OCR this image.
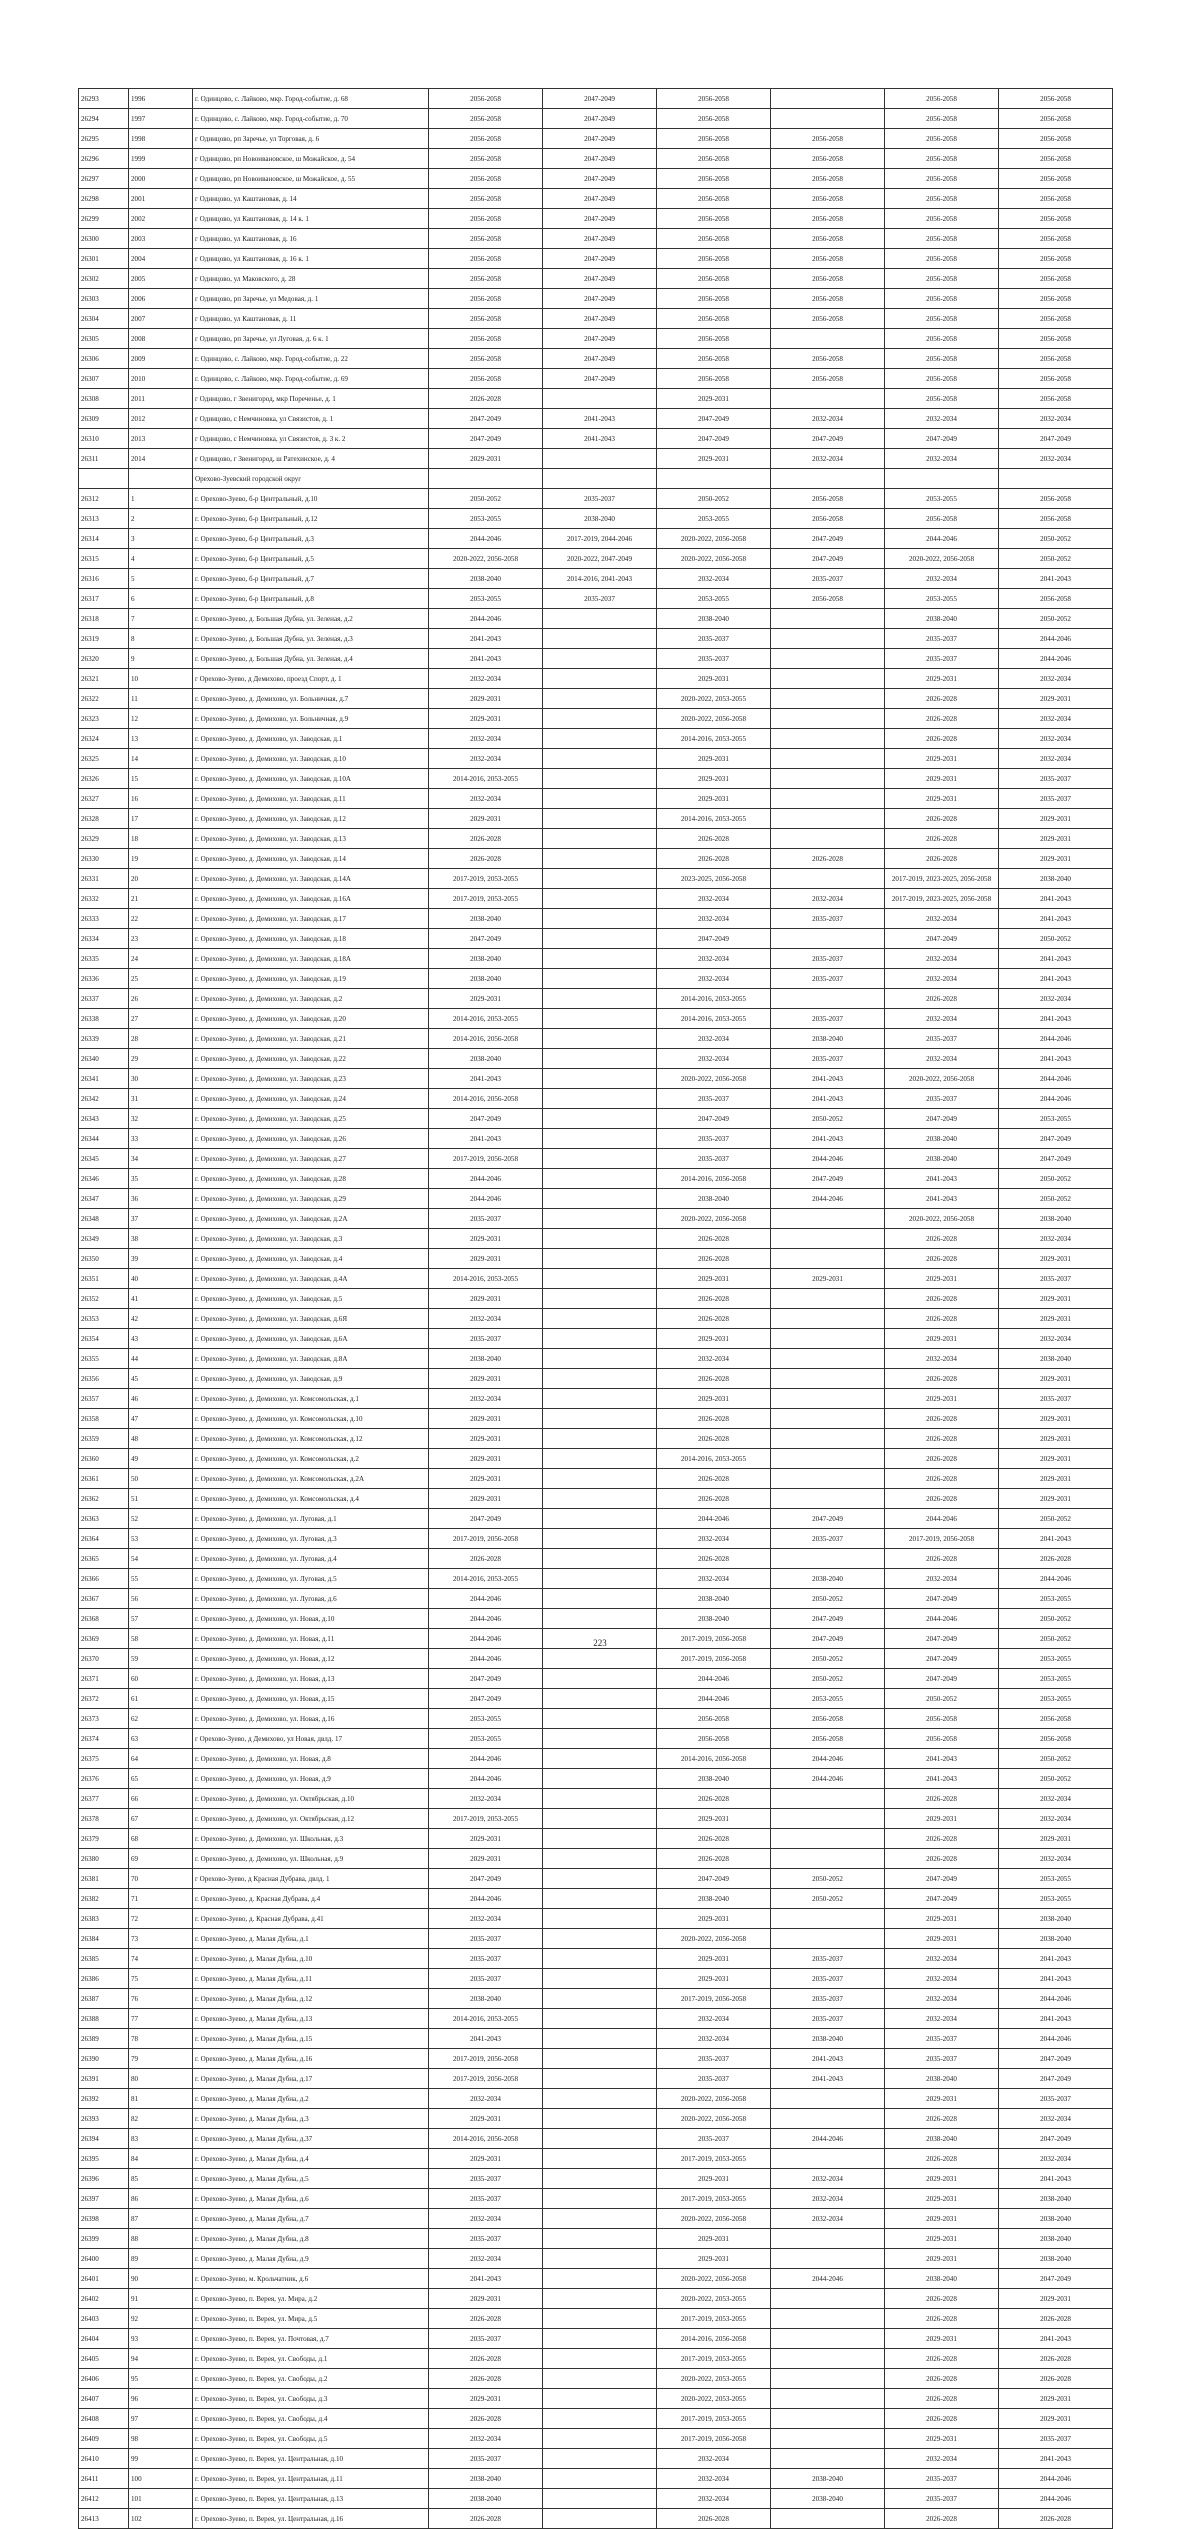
26293	1996	г. Одинцово, с. Лайково, мкр. Город-событие, д. 68	2056-2058	2047-2049	2056-2058		2056-2058	2056-2058
26294	1997	г. Одинцово, с. Лайково, мкр. Город-событие, д. 70	2056-2058	2047-2049	2056-2058		2056-2058	2056-2058
26295	1998	г Одинцово, рп Заречье, ул Торговая, д. 6	2056-2058	2047-2049	2056-2058	2056-2058	2056-2058	2056-2058
26296	1999	г Одинцово, рп Новоивановское, ш Можайское, д. 54	2056-2058	2047-2049	2056-2058	2056-2058	2056-2058	2056-2058
26297	2000	г Одинцово, рп Новоивановское, ш Можайское, д. 55	2056-2058	2047-2049	2056-2058	2056-2058	2056-2058	2056-2058
26298	2001	г Одинцово, ул Каштановая, д. 14	2056-2058	2047-2049	2056-2058	2056-2058	2056-2058	2056-2058
26299	2002	г Одинцово, ул Каштановая, д. 14 к. 1	2056-2058	2047-2049	2056-2058	2056-2058	2056-2058	2056-2058
26300	2003	г Одинцово, ул Каштановая, д. 16	2056-2058	2047-2049	2056-2058	2056-2058	2056-2058	2056-2058
26301	2004	г Одинцово, ул Каштановая, д. 16 к. 1	2056-2058	2047-2049	2056-2058	2056-2058	2056-2058	2056-2058
26302	2005	г Одинцово, ул Маковского, д. 28	2056-2058	2047-2049	2056-2058	2056-2058	2056-2058	2056-2058
26303	2006	г Одинцово, рп Заречье, ул Медовая, д. 1	2056-2058	2047-2049	2056-2058	2056-2058	2056-2058	2056-2058
26304	2007	г Одинцово, ул Каштановая, д. 11	2056-2058	2047-2049	2056-2058	2056-2058	2056-2058	2056-2058
26305	2008	г Одинцово, рп Заречье, ул Луговая, д. 6 к. 1	2056-2058	2047-2049	2056-2058		2056-2058	2056-2058
26306	2009	г. Одинцово, с. Лайково, мкр. Город-событие, д. 22	2056-2058	2047-2049	2056-2058	2056-2058	2056-2058	2056-2058
26307	2010	г. Одинцово, с. Лайково, мкр. Город-событие, д. 69	2056-2058	2047-2049	2056-2058	2056-2058	2056-2058	2056-2058
26308	2011	г Одинцово, г Звенигород, мкр Пореченье, д. 1	2026-2028		2029-2031		2056-2058	2056-2058
26309	2012	г Одинцово, с Немчиновка, ул Связистов, д. 1	2047-2049	2041-2043	2047-2049	2032-2034	2032-2034	2032-2034
26310	2013	г Одинцово, с Немчиновка, ул Связистов, д. 3 к. 2	2047-2049	2041-2043	2047-2049	2047-2049	2047-2049	2047-2049
26311	2014	г Одинцово, г Звенигород, ш Ратехинское, д. 4	2029-2031		2029-2031	2032-2034	2032-2034	2032-2034
		Орехово-Зуевский городской округ						
26312	1	г. Орехово-Зуево, б-р Центральный, д.10	2050-2052	2035-2037	2050-2052	2056-2058	2053-2055	2056-2058
26313	2	г. Орехово-Зуево, б-р Центральный, д.12	2053-2055	2038-2040	2053-2055	2056-2058	2056-2058	2056-2058
26314	3	г. Орехово-Зуево, б-р Центральный, д.3	2044-2046	2017-2019, 2044-2046	2020-2022, 2056-2058	2047-2049	2044-2046	2050-2052
26315	4	г. Орехово-Зуево, б-р Центральный, д.5	2020-2022, 2056-2058	2020-2022, 2047-2049	2020-2022, 2056-2058	2047-2049	2020-2022, 2056-2058	2050-2052
26316	5	г. Орехово-Зуево, б-р Центральный, д.7	2038-2040	2014-2016, 2041-2043	2032-2034	2035-2037	2032-2034	2041-2043
26317	6	г. Орехово-Зуево, б-р Центральный, д.8	2053-2055	2035-2037	2053-2055	2056-2058	2053-2055	2056-2058
26318	7	г. Орехово-Зуево, д. Большая Дубна, ул. Зеленая, д.2	2044-2046		2038-2040		2038-2040	2050-2052
26319	8	г. Орехово-Зуево, д. Большая Дубна, ул. Зеленая, д.3	2041-2043		2035-2037		2035-2037	2044-2046
26320	9	г. Орехово-Зуево, д. Большая Дубна, ул. Зеленая, д.4	2041-2043		2035-2037		2035-2037	2044-2046
26321	10	г Орехово-Зуево, д Демихово, проезд Спорт, д. 1	2032-2034		2029-2031		2029-2031	2032-2034
26322	11	г. Орехово-Зуево, д. Демихово, ул. Больничная, д.7	2029-2031		2020-2022, 2053-2055		2026-2028	2029-2031
26323	12	г. Орехово-Зуево, д. Демихово, ул. Больничная, д.9	2029-2031		2020-2022, 2056-2058		2026-2028	2032-2034
26324	13	г. Орехово-Зуево, д. Демихово, ул. Заводская, д.1	2032-2034		2014-2016, 2053-2055		2026-2028	2032-2034
26325	14	г. Орехово-Зуево, д. Демихово, ул. Заводская, д.10	2032-2034		2029-2031		2029-2031	2032-2034
26326	15	г. Орехово-Зуево, д. Демихово, ул. Заводская, д.10А	2014-2016, 2053-2055		2029-2031		2029-2031	2035-2037
26327	16	г. Орехово-Зуево, д. Демихово, ул. Заводская, д.11	2032-2034		2029-2031		2029-2031	2035-2037
26328	17	г. Орехово-Зуево, д. Демихово, ул. Заводская, д.12	2029-2031		2014-2016, 2053-2055		2026-2028	2029-2031
26329	18	г. Орехово-Зуево, д. Демихово, ул. Заводская, д.13	2026-2028		2026-2028		2026-2028	2029-2031
26330	19	г. Орехово-Зуево, д. Демихово, ул. Заводская, д.14	2026-2028		2026-2028	2026-2028	2026-2028	2029-2031
26331	20	г. Орехово-Зуево, д. Демихово, ул. Заводская, д.14А	2017-2019, 2053-2055		2023-2025, 2056-2058		2017-2019, 2023-2025, 2056-2058	2038-2040
26332	21	г. Орехово-Зуево, д. Демихово, ул. Заводская, д.16А	2017-2019, 2053-2055		2032-2034	2032-2034	2017-2019, 2023-2025, 2056-2058	2041-2043
26333	22	г. Орехово-Зуево, д. Демихово, ул. Заводская, д.17	2038-2040		2032-2034	2035-2037	2032-2034	2041-2043
26334	23	г. Орехово-Зуево, д. Демихово, ул. Заводская, д.18	2047-2049		2047-2049		2047-2049	2050-2052
26335	24	г. Орехово-Зуево, д. Демихово, ул. Заводская, д.18А	2038-2040		2032-2034	2035-2037	2032-2034	2041-2043
26336	25	г. Орехово-Зуево, д. Демихово, ул. Заводская, д.19	2038-2040		2032-2034	2035-2037	2032-2034	2041-2043
26337	26	г. Орехово-Зуево, д. Демихово, ул. Заводская, д.2	2029-2031		2014-2016, 2053-2055		2026-2028	2032-2034
26338	27	г. Орехово-Зуево, д. Демихово, ул. Заводская, д.20	2014-2016, 2053-2055		2014-2016, 2053-2055	2035-2037	2032-2034	2041-2043
26339	28	г. Орехово-Зуево, д. Демихово, ул. Заводская, д.21	2014-2016, 2056-2058		2032-2034	2038-2040	2035-2037	2044-2046
26340	29	г. Орехово-Зуево, д. Демихово, ул. Заводская, д.22	2038-2040		2032-2034	2035-2037	2032-2034	2041-2043
26341	30	г. Орехово-Зуево, д. Демихово, ул. Заводская, д.23	2041-2043		2020-2022, 2056-2058	2041-2043	2020-2022, 2056-2058	2044-2046
26342	31	г. Орехово-Зуево, д. Демихово, ул. Заводская, д.24	2014-2016, 2056-2058		2035-2037	2041-2043	2035-2037	2044-2046
26343	32	г. Орехово-Зуево, д. Демихово, ул. Заводская, д.25	2047-2049		2047-2049	2050-2052	2047-2049	2053-2055
26344	33	г. Орехово-Зуево, д. Демихово, ул. Заводская, д.26	2041-2043		2035-2037	2041-2043	2038-2040	2047-2049
26345	34	г. Орехово-Зуево, д. Демихово, ул. Заводская, д.27	2017-2019, 2056-2058		2035-2037	2044-2046	2038-2040	2047-2049
26346	35	г. Орехово-Зуево, д. Демихово, ул. Заводская, д.28	2044-2046		2014-2016, 2056-2058	2047-2049	2041-2043	2050-2052
26347	36	г. Орехово-Зуево, д. Демихово, ул. Заводская, д.29	2044-2046		2038-2040	2044-2046	2041-2043	2050-2052
26348	37	г. Орехово-Зуево, д. Демихово, ул. Заводская, д.2А	2035-2037		2020-2022, 2056-2058		2020-2022, 2056-2058	2038-2040
26349	38	г. Орехово-Зуево, д. Демихово, ул. Заводская, д.3	2029-2031		2026-2028		2026-2028	2032-2034
26350	39	г. Орехово-Зуево, д. Демихово, ул. Заводская, д.4	2029-2031		2026-2028		2026-2028	2029-2031
26351	40	г. Орехово-Зуево, д. Демихово, ул. Заводская, д.4А	2014-2016, 2053-2055		2029-2031	2029-2031	2029-2031	2035-2037
26352	41	г. Орехово-Зуево, д. Демихово, ул. Заводская, д.5	2029-2031		2026-2028		2026-2028	2029-2031
26353	42	г. Орехово-Зуево, д. Демихово, ул. Заводская, д.6Я	2032-2034		2026-2028		2026-2028	2029-2031
26354	43	г. Орехово-Зуево, д. Демихово, ул. Заводская, д.6А	2035-2037		2029-2031		2029-2031	2032-2034
26355	44	г. Орехово-Зуево, д. Демихово, ул. Заводская, д.8А	2038-2040		2032-2034		2032-2034	2038-2040
26356	45	г. Орехово-Зуево, д. Демихово, ул. Заводская, д.9	2029-2031		2026-2028		2026-2028	2029-2031
26357	46	г. Орехово-Зуево, д. Демихово, ул. Комсомольская, д.1	2032-2034		2029-2031		2029-2031	2035-2037
26358	47	г. Орехово-Зуево, д. Демихово, ул. Комсомольская, д.10	2029-2031		2026-2028		2026-2028	2029-2031
26359	48	г. Орехово-Зуево, д. Демихово, ул. Комсомольская, д.12	2029-2031		2026-2028		2026-2028	2029-2031
26360	49	г. Орехово-Зуево, д. Демихово, ул. Комсомольская, д.2	2029-2031		2014-2016, 2053-2055		2026-2028	2029-2031
26361	50	г. Орехово-Зуево, д. Демихово, ул. Комсомольская, д.2А	2029-2031		2026-2028		2026-2028	2029-2031
26362	51	г. Орехово-Зуево, д. Демихово, ул. Комсомольская, д.4	2029-2031		2026-2028		2026-2028	2029-2031
26363	52	г. Орехово-Зуево, д. Демихово, ул. Луговая, д.1	2047-2049		2044-2046	2047-2049	2044-2046	2050-2052
26364	53	г. Орехово-Зуево, д. Демихово, ул. Луговая, д.3	2017-2019, 2056-2058		2032-2034	2035-2037	2017-2019, 2056-2058	2041-2043
26365	54	г. Орехово-Зуево, д. Демихово, ул. Луговая, д.4	2026-2028		2026-2028		2026-2028	2026-2028
26366	55	г. Орехово-Зуево, д. Демихово, ул. Луговая, д.5	2014-2016, 2053-2055		2032-2034	2038-2040	2032-2034	2044-2046
26367	56	г. Орехово-Зуево, д. Демихово, ул. Луговая, д.6	2044-2046		2038-2040	2050-2052	2047-2049	2053-2055
26368	57	г. Орехово-Зуево, д. Демихово, ул. Новая, д.10	2044-2046		2038-2040	2047-2049	2044-2046	2050-2052
26369	58	г. Орехово-Зуево, д. Демихово, ул. Новая, д.11	2044-2046		2017-2019, 2056-2058	2047-2049	2047-2049	2050-2052
26370	59	г. Орехово-Зуево, д. Демихово, ул. Новая, д.12	2044-2046		2017-2019, 2056-2058	2050-2052	2047-2049	2053-2055
26371	60	г. Орехово-Зуево, д. Демихово, ул. Новая, д.13	2047-2049		2044-2046	2050-2052	2047-2049	2053-2055
26372	61	г. Орехово-Зуево, д. Демихово, ул. Новая, д.15	2047-2049		2044-2046	2053-2055	2050-2052	2053-2055
26373	62	г. Орехово-Зуево, д. Демихово, ул. Новая, д.16	2053-2055		2056-2058	2056-2058	2056-2058	2056-2058
26374	63	г Орехово-Зуево, д Демихово, ул Новая, двлд. 17	2053-2055		2056-2058	2056-2058	2056-2058	2056-2058
26375	64	г. Орехово-Зуево, д. Демихово, ул. Новая, д.8	2044-2046		2014-2016, 2056-2058	2044-2046	2041-2043	2050-2052
26376	65	г. Орехово-Зуево, д. Демихово, ул. Новая, д.9	2044-2046		2038-2040	2044-2046	2041-2043	2050-2052
26377	66	г. Орехово-Зуево, д. Демихово, ул. Октябрьская, д.10	2032-2034		2026-2028		2026-2028	2032-2034
26378	67	г. Орехово-Зуево, д. Демихово, ул. Октябрьская, д.12	2017-2019, 2053-2055		2029-2031		2029-2031	2032-2034
26379	68	г. Орехово-Зуево, д. Демихово, ул. Школьная, д.3	2029-2031		2026-2028		2026-2028	2029-2031
26380	69	г. Орехово-Зуево, д. Демихово, ул. Школьная, д.9	2029-2031		2026-2028		2026-2028	2032-2034
26381	70	г Орехово-Зуево, д Красная Дубрава, двлд. 1	2047-2049		2047-2049	2050-2052	2047-2049	2053-2055
26382	71	г. Орехово-Зуево, д. Красная Дубрава, д.4	2044-2046		2038-2040	2050-2052	2047-2049	2053-2055
26383	72	г. Орехово-Зуево, д. Красная Дубрава, д.41	2032-2034		2029-2031		2029-2031	2038-2040
26384	73	г. Орехово-Зуево, д. Малая Дубна, д.1	2035-2037		2020-2022, 2056-2058		2029-2031	2038-2040
26385	74	г. Орехово-Зуево, д. Малая Дубна, д.10	2035-2037		2029-2031	2035-2037	2032-2034	2041-2043
26386	75	г. Орехово-Зуево, д. Малая Дубна, д.11	2035-2037		2029-2031	2035-2037	2032-2034	2041-2043
26387	76	г. Орехово-Зуево, д. Малая Дубна, д.12	2038-2040		2017-2019, 2056-2058	2035-2037	2032-2034	2044-2046
26388	77	г. Орехово-Зуево, д. Малая Дубна, д.13	2014-2016, 2053-2055		2032-2034	2035-2037	2032-2034	2041-2043
26389	78	г. Орехово-Зуево, д. Малая Дубна, д.15	2041-2043		2032-2034	2038-2040	2035-2037	2044-2046
26390	79	г. Орехово-Зуево, д. Малая Дубна, д.16	2017-2019, 2056-2058		2035-2037	2041-2043	2035-2037	2047-2049
26391	80	г. Орехово-Зуево, д. Малая Дубна, д.17	2017-2019, 2056-2058		2035-2037	2041-2043	2038-2040	2047-2049
26392	81	г. Орехово-Зуево, д. Малая Дубна, д.2	2032-2034		2020-2022, 2056-2058		2029-2031	2035-2037
26393	82	г. Орехово-Зуево, д. Малая Дубна, д.3	2029-2031		2020-2022, 2056-2058		2026-2028	2032-2034
26394	83	г. Орехово-Зуево, д. Малая Дубна, д.37	2014-2016, 2056-2058		2035-2037	2044-2046	2038-2040	2047-2049
26395	84	г. Орехово-Зуево, д. Малая Дубна, д.4	2029-2031		2017-2019, 2053-2055		2026-2028	2032-2034
26396	85	г. Орехово-Зуево, д. Малая Дубна, д.5	2035-2037		2029-2031	2032-2034	2029-2031	2041-2043
26397	86	г. Орехово-Зуево, д. Малая Дубна, д.6	2035-2037		2017-2019, 2053-2055	2032-2034	2029-2031	2038-2040
26398	87	г. Орехово-Зуево, д. Малая Дубна, д.7	2032-2034		2020-2022, 2056-2058	2032-2034	2029-2031	2038-2040
26399	88	г. Орехово-Зуево, д. Малая Дубна, д.8	2035-2037		2029-2031		2029-2031	2038-2040
26400	89	г. Орехово-Зуево, д. Малая Дубна, д.9	2032-2034		2029-2031		2029-2031	2038-2040
26401	90	г. Орехово-Зуево, м. Крольчатник, д.6	2041-2043		2020-2022, 2056-2058	2044-2046	2038-2040	2047-2049
26402	91	г. Орехово-Зуево, п. Верея, ул. Мира, д.2	2029-2031		2020-2022, 2053-2055		2026-2028	2029-2031
26403	92	г. Орехово-Зуево, п. Верея, ул. Мира, д.5	2026-2028		2017-2019, 2053-2055		2026-2028	2026-2028
26404	93	г. Орехово-Зуево, п. Верея, ул. Почтовая, д.7	2035-2037		2014-2016, 2056-2058		2029-2031	2041-2043
26405	94	г. Орехово-Зуево, п. Верея, ул. Свободы, д.1	2026-2028		2017-2019, 2053-2055		2026-2028	2026-2028
26406	95	г. Орехово-Зуево, п. Верея, ул. Свободы, д.2	2026-2028		2020-2022, 2053-2055		2026-2028	2026-2028
26407	96	г. Орехово-Зуево, п. Верея, ул. Свободы, д.3	2029-2031		2020-2022, 2053-2055		2026-2028	2029-2031
26408	97	г. Орехово-Зуево, п. Верея, ул. Свободы, д.4	2026-2028		2017-2019, 2053-2055		2026-2028	2029-2031
26409	98	г. Орехово-Зуево, п. Верея, ул. Свободы, д.5	2032-2034		2017-2019, 2056-2058		2029-2031	2035-2037
26410	99	г. Орехово-Зуево, п. Верея, ул. Центральная, д.10	2035-2037		2032-2034		2032-2034	2041-2043
26411	100	г. Орехово-Зуево, п. Верея, ул. Центральная, д.11	2038-2040		2032-2034	2038-2040	2035-2037	2044-2046
26412	101	г. Орехово-Зуево, п. Верея, ул. Центральная, д.13	2038-2040		2032-2034	2038-2040	2035-2037	2044-2046
26413	102	г. Орехово-Зуево, п. Верея, ул. Центральная, д.16	2026-2028		2026-2028		2026-2028	2026-2028
223
